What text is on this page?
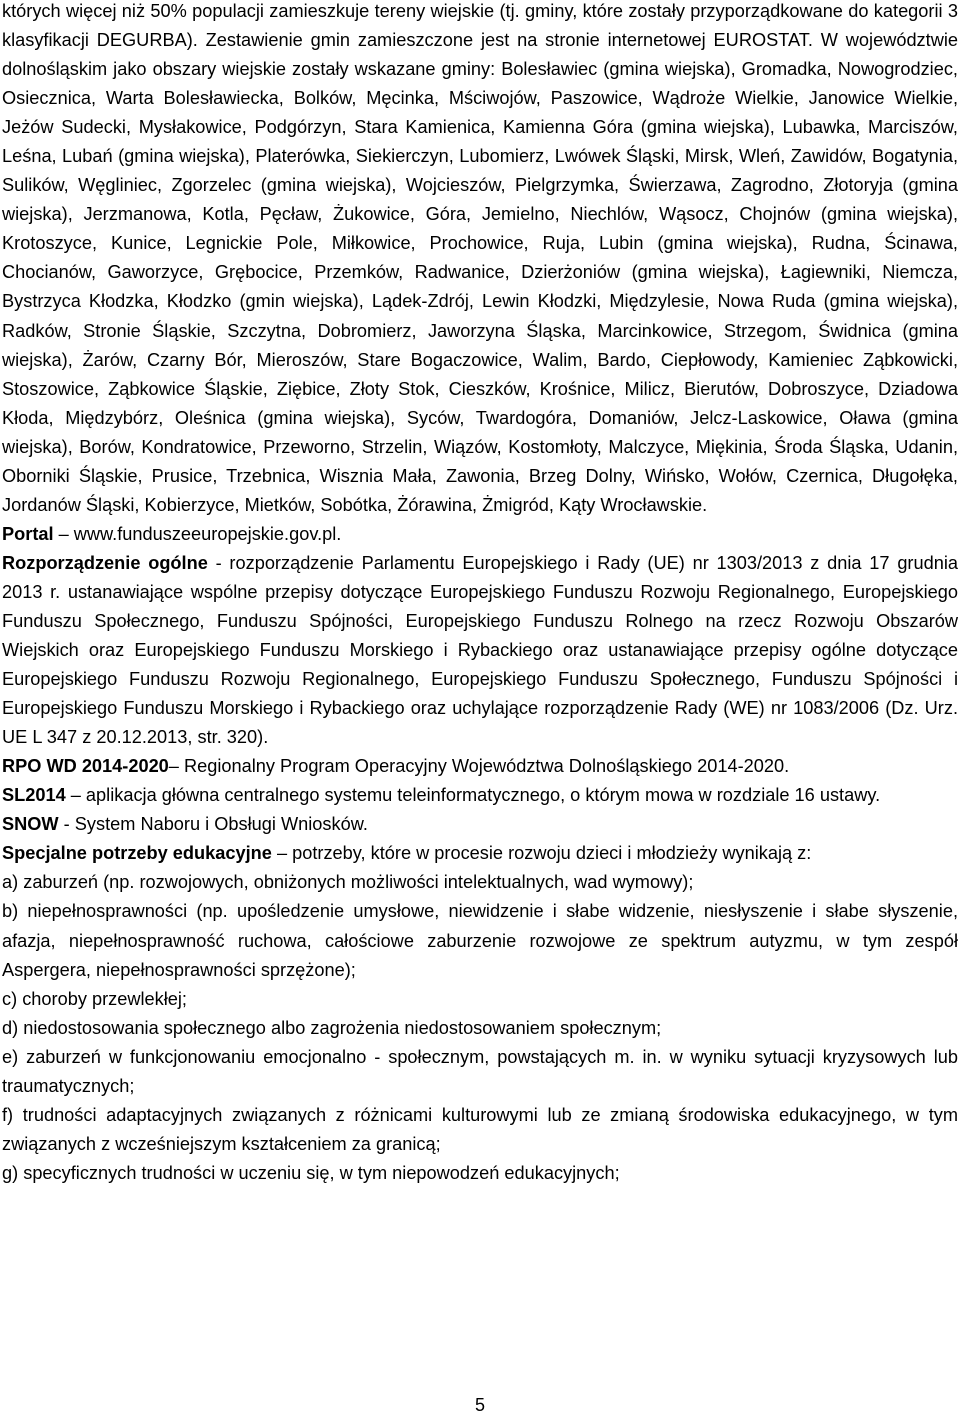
których więcej niż 50% populacji zamieszkuje tereny wiejskie (tj. gminy, które zostały przyporządkowane do kategorii 3 klasyfikacji DEGURBA). Zestawienie gmin zamieszczone jest na stronie internetowej EUROSTAT. W województwie dolnośląskim jako obszary wiejskie zostały wskazane gminy: Bolesławiec (gmina wiejska), Gromadka, Nowogrodziec, Osiecznica, Warta Bolesławiecka, Bolków, Męcinka, Mściwojów, Paszowice, Wądroże Wielkie, Janowice Wielkie, Jeżów Sudecki, Mysłakowice, Podgórzyn, Stara Kamienica, Kamienna Góra (gmina wiejska), Lubawka, Marciszów, Leśna, Lubań (gmina wiejska), Platerówka, Siekierczyn, Lubomierz, Lwówek Śląski, Mirsk, Wleń, Zawidów, Bogatynia, Sulików, Węgliniec, Zgorzelec (gmina wiejska), Wojcieszów, Pielgrzymka, Świerzawa, Zagrodno, Złotoryja (gmina wiejska), Jerzmanowa, Kotla, Pęcław, Żukowice, Góra, Jemielno, Niechlów, Wąsocz, Chojnów (gmina wiejska), Krotoszyce, Kunice, Legnickie Pole, Miłkowice, Prochowice, Ruja, Lubin (gmina wiejska), Rudna, Ścinawa, Chocianów, Gaworzyce, Grębocice, Przemków, Radwanice, Dzierżoniów (gmina wiejska), Łagiewniki, Niemcza, Bystrzyca Kłodzka, Kłodzko (gmin wiejska), Lądek-Zdrój, Lewin Kłodzki, Międzylesie, Nowa Ruda (gmina wiejska), Radków, Stronie Śląskie, Szczytna, Dobromierz, Jaworzyna Śląska, Marcinkowice, Strzegom, Świdnica (gmina wiejska), Żarów, Czarny Bór, Mieroszów, Stare Bogaczowice, Walim, Bardo, Ciepłowody, Kamieniec Ząbkowicki, Stoszowice, Ząbkowice Śląskie, Ziębice, Złoty Stok, Cieszków, Krośnice, Milicz, Bierutów, Dobroszyce, Dziadowa Kłoda, Międzybórz, Oleśnica (gmina wiejska), Syców, Twardogóra, Domaniów, Jelcz-Laskowice, Oława (gmina wiejska), Borów, Kondratowice, Przeworno, Strzelin, Wiązów, Kostomłoty, Malczyce, Miękinia, Środa Śląska, Udanin, Oborniki Śląskie, Prusice, Trzebnica, Wisznia Mała, Zawonia, Brzeg Dolny, Wińsko, Wołów, Czernica, Długołęka, Jordanów Śląski, Kobierzyce, Mietków, Sobótka, Żórawina, Żmigród, Kąty Wrocławskie.

Portal – www.funduszeeuropejskie.gov.pl.

Rozporządzenie ogólne - rozporządzenie Parlamentu Europejskiego i Rady (UE) nr 1303/2013 z dnia 17 grudnia 2013 r. ustanawiające wspólne przepisy dotyczące Europejskiego Funduszu Rozwoju Regionalnego, Europejskiego Funduszu Społecznego, Funduszu Spójności, Europejskiego Funduszu Rolnego na rzecz Rozwoju Obszarów Wiejskich oraz Europejskiego Funduszu Morskiego i Rybackiego oraz ustanawiające przepisy ogólne dotyczące Europejskiego Funduszu Rozwoju Regionalnego, Europejskiego Funduszu Społecznego, Funduszu Spójności i Europejskiego Funduszu Morskiego i Rybackiego oraz uchylające rozporządzenie Rady (WE) nr 1083/2006 (Dz. Urz. UE L 347 z 20.12.2013, str. 320).

RPO WD 2014-2020– Regionalny Program Operacyjny Województwa Dolnośląskiego 2014-2020.

SL2014 – aplikacja główna centralnego systemu teleinformatycznego, o którym mowa w rozdziale 16 ustawy.

SNOW - System Naboru i Obsługi Wniosków.

Specjalne potrzeby edukacyjne – potrzeby, które w procesie rozwoju dzieci i młodzieży wynikają z:

a) zaburzeń (np. rozwojowych, obniżonych możliwości intelektualnych, wad wymowy);

b) niepełnosprawności (np. upośledzenie umysłowe, niewidzenie i słabe widzenie, niesłyszenie i słabe słyszenie, afazja, niepełnosprawność ruchowa, całościowe zaburzenie rozwojowe ze spektrum autyzmu, w tym zespół Aspergera, niepełnosprawności sprzężone);

c) choroby przewlekłej;

d) niedostosowania społecznego albo zagrożenia niedostosowaniem społecznym;

e) zaburzeń w funkcjonowaniu emocjonalno - społecznym, powstających m. in. w wyniku sytuacji kryzysowych lub traumatycznych;

f) trudności adaptacyjnych związanych z różnicami kulturowymi lub ze zmianą środowiska edukacyjnego, w tym związanych z wcześniejszym kształceniem za granicą;

g) specyficznych trudności w uczeniu się, w tym niepowodzeń edukacyjnych;

5
